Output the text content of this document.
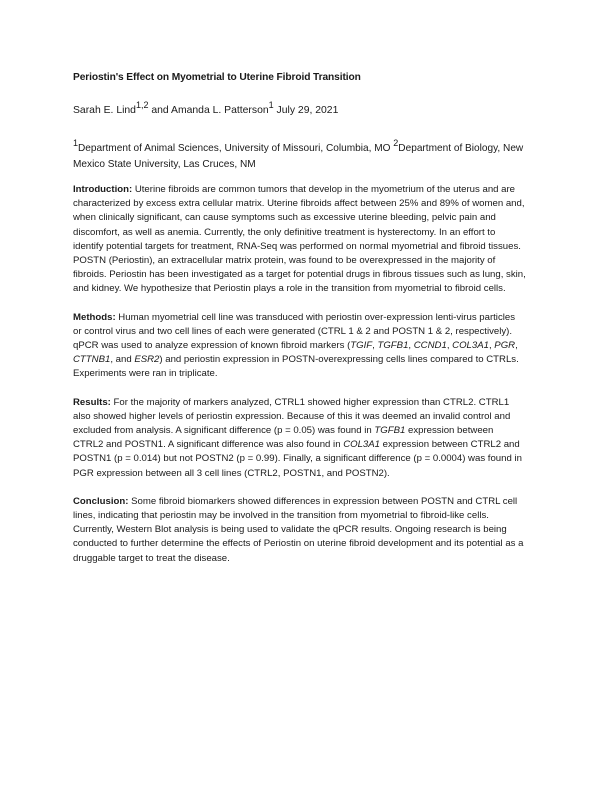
Periostin's Effect on Myometrial to Uterine Fibroid Transition
Sarah E. Lind$^{1,2}$ and Amanda L. Patterson$^1$ July 29, 2021
$^1$Department of Animal Sciences, University of Missouri, Columbia, MO $^2$Department of Biology, New Mexico State University, Las Cruces, NM

Introduction: Uterine fibroids are common tumors that develop in the myometrium of the uterus and are characterized by excess extra cellular matrix. Uterine fibroids affect between 25% and 89% of women and, when clinically significant, can cause symptoms such as excessive uterine bleeding, pelvic pain and discomfort, as well as anemia. Currently, the only definitive treatment is hysterectomy. In an effort to identify potential targets for treatment, RNA-Seq was performed on normal myometrial and fibroid tissues. POSTN (Periostin), an extracellular matrix protein, was found to be overexpressed in the majority of fibroids. Periostin has been investigated as a target for potential drugs in fibrous tissues such as lung, skin, and kidney. We hypothesize that Periostin plays a role in the transition from myometrial to fibroid cells.

Methods: Human myometrial cell line was transduced with periostin over-expression lenti-virus particles or control virus and two cell lines of each were generated (CTRL 1 & 2 and POSTN 1 & 2, respectively). qPCR was used to analyze expression of known fibroid markers (TGIF, TGFB1, CCND1, COL3A1, PGR, CTTNB1, and ESR2) and periostin expression in POSTN-overexpressing cells lines compared to CTRLs. Experiments were ran in triplicate.

Results: For the majority of markers analyzed, CTRL1 showed higher expression than CTRL2. CTRL1 also showed higher levels of periostin expression. Because of this it was deemed an invalid control and excluded from analysis. A significant difference (p = 0.05) was found in TGFB1 expression between CTRL2 and POSTN1. A significant difference was also found in COL3A1 expression between CTRL2 and POSTN1 (p = 0.014) but not POSTN2 (p = 0.99). Finally, a significant difference (p = 0.0004) was found in PGR expression between all 3 cell lines (CTRL2, POSTN1, and POSTN2).

Conclusion: Some fibroid biomarkers showed differences in expression between POSTN and CTRL cell lines, indicating that periostin may be involved in the transition from myometrial to fibroid-like cells. Currently, Western Blot analysis is being used to validate the qPCR results. Ongoing research is being conducted to further determine the effects of Periostin on uterine fibroid development and its potential as a druggable target to treat the disease.
